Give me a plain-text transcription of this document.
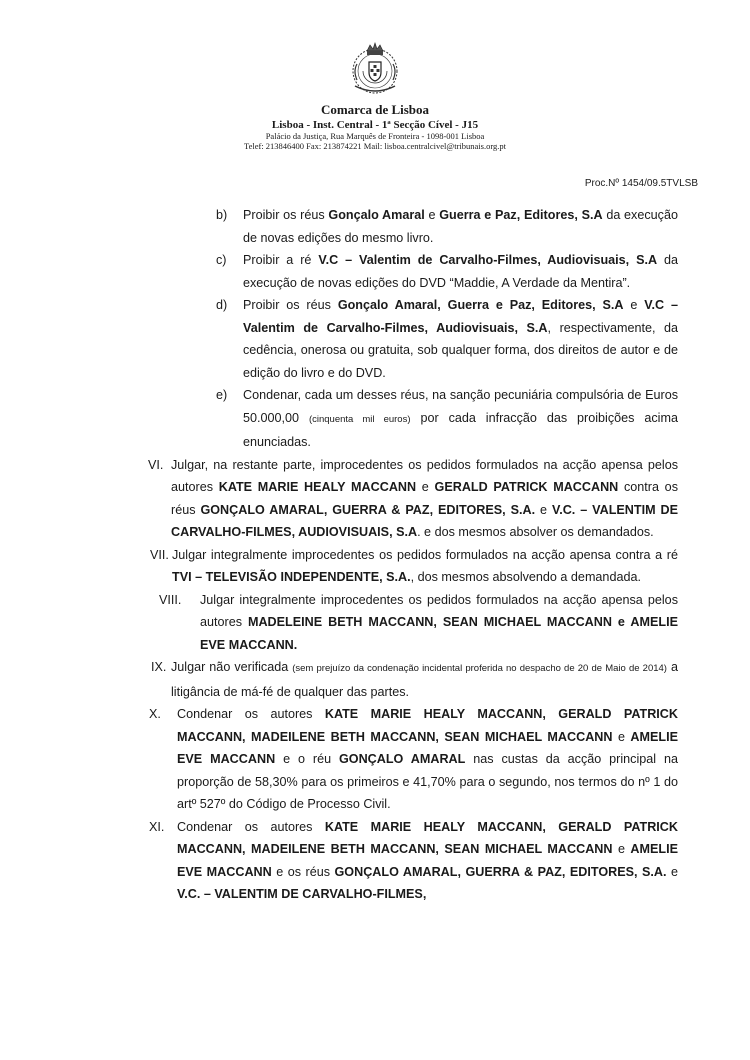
Comarca de Lisboa
Lisboa - Inst. Central - 1ª Secção Cível - J15
Palácio da Justiça, Rua Marquês de Fronteira - 1098-001 Lisboa
Telef: 213846400 Fax: 213874221 Mail: lisboa.centralcivel@tribunais.org.pt
Proc.Nº 1454/09.5TVLSB
b) Proibir os réus Gonçalo Amaral e Guerra e Paz, Editores, S.A da execução de novas edições do mesmo livro.
c) Proibir a ré V.C – Valentim de Carvalho-Filmes, Audiovisuais, S.A da execução de novas edições do DVD “Maddie, A Verdade da Mentira”.
d) Proibir os réus Gonçalo Amaral, Guerra e Paz, Editores, S.A e V.C – Valentim de Carvalho-Filmes, Audiovisuais, S.A, respectivamente, da cedência, onerosa ou gratuita, sob qualquer forma, dos direitos de autor e de edição do livro e do DVD.
e) Condenar, cada um desses réus, na sanção pecuniária compulsória de Euros 50.000,00 (cinquenta mil euros) por cada infracção das proibições acima enunciadas.
VI. Julgar, na restante parte, improcedentes os pedidos formulados na acção apensa pelos autores KATE MARIE HEALY MACCANN e GERALD PATRICK MACCANN contra os réus GONÇALO AMARAL, GUERRA & PAZ, EDITORES, S.A. e V.C. – VALENTIM DE CARVALHO-FILMES, AUDIOVISUAIS, S.A. e dos mesmos absolver os demandados.
VII. Julgar integralmente improcedentes os pedidos formulados na acção apensa contra a ré TVI – TELEVISÃO INDEPENDENTE, S.A., dos mesmos absolvendo a demandada.
VIII. Julgar integralmente improcedentes os pedidos formulados na acção apensa pelos autores MADELEINE BETH MACCANN, SEAN MICHAEL MACCANN e AMELIE EVE MACCANN.
IX. Julgar não verificada (sem prejuízo da condenação incidental proferida no despacho de 20 de Maio de 2014) a litigância de má-fé de qualquer das partes.
X. Condenar os autores KATE MARIE HEALY MACCANN, GERALD PATRICK MACCANN, MADEILENE BETH MACCANN, SEAN MICHAEL MACCANN e AMELIE EVE MACCANN e o réu GONÇALO AMARAL nas custas da acção principal na proporção de 58,30% para os primeiros e 41,70% para o segundo, nos termos do nº 1 do artº 527º do Código de Processo Civil.
XI. Condenar os autores KATE MARIE HEALY MACCANN, GERALD PATRICK MACCANN, MADEILENE BETH MACCANN, SEAN MICHAEL MACCANN e AMELIE EVE MACCANN e os réus GONÇALO AMARAL, GUERRA & PAZ, EDITORES, S.A. e V.C. – VALENTIM DE CARVALHO-FILMES,
